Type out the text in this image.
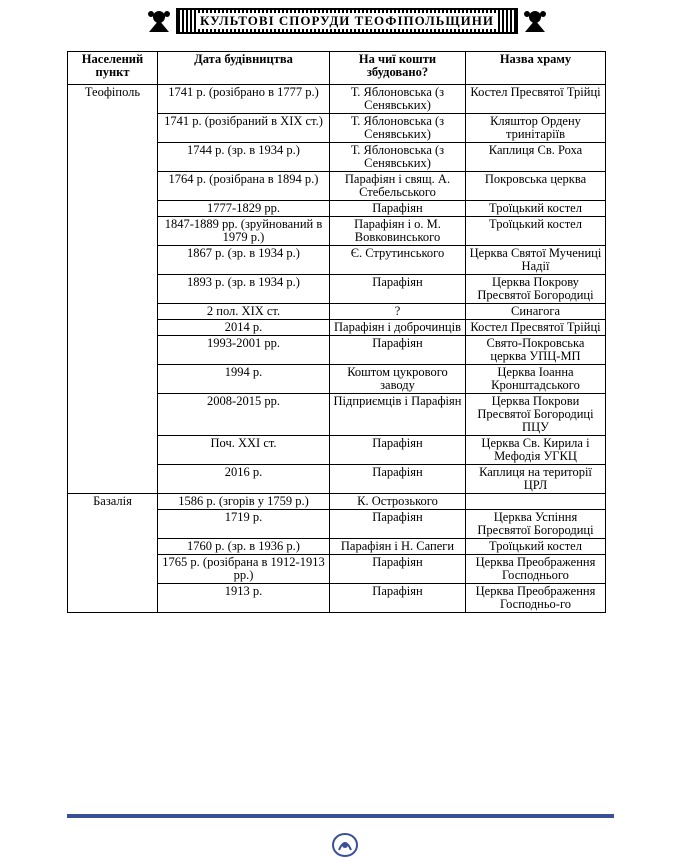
КУЛЬТОВІ СПОРУДИ ТЕОФІПОЛЬЩИНИ
Населений пункт	Дата будівництва	На чиї кошти збудовано?	Назва храму
Теофіполь	1741 р. (розібрано в 1777 р.)	Т. Яблоновська (з Сенявських)	Костел Пресвятої Трійці
	1741 р. (розібраний в XIX ст.)	Т. Яблоновська (з Сенявських)	Кляштор Ордену тринітаріїв
	1744 р. (зр. в 1934 р.)	Т. Яблоновська (з Сенявських)	Каплиця Св. Роха
	1764 р. (розібрана в 1894 р.)	Парафіян і свящ. А. Стебельського	Покровська церква
	1777-1829 рр.	Парафіян	Троїцький костел
	1847-1889 рр. (зруйнований в 1979 р.)	Парафіян і о. М. Вовковинського	Троїцький костел
	1867 р. (зр. в 1934 р.)	Є. Струтинського	Церква Святої Мучениці Надії
	1893 р. (зр. в 1934 р.)	Парафіян	Церква Покрову Пресвятої Богородиці
	2 пол. XIX ст.	?	Синагога
	2014 р.	Парафіян і доброчинців	Костел Пресвятої Трійці
	1993-2001 рр.	Парафіян	Свято-Покровська церква УПЦ-МП
	1994 р.	Коштом цукрового заводу	Церква Іоанна Кронштадського
	2008-2015 рр.	Підприємців і Парафіян	Церква Покрови Пресвятої Богородиці ПЦУ
	Поч. XXI ст.	Парафіян	Церква Св. Кирила і Мефодія УГКЦ
	2016 р.	Парафіян	Каплиця на території ЦРЛ
Базалія	1586 р. (згорів у 1759 р.)	К. Острозького	
	1719 р.	Парафіян	Церква Успіння Пресвятої Богородиці
	1760 р. (зр. в 1936 р.)	Парафіян і Н. Сапеги	Троїцький костел
	1765 р. (розібрана в 1912-1913 рр.)	Парафіян	Церква Преображення Господнього
	1913 р.	Парафіян	Церква Преображення Господньо-го
